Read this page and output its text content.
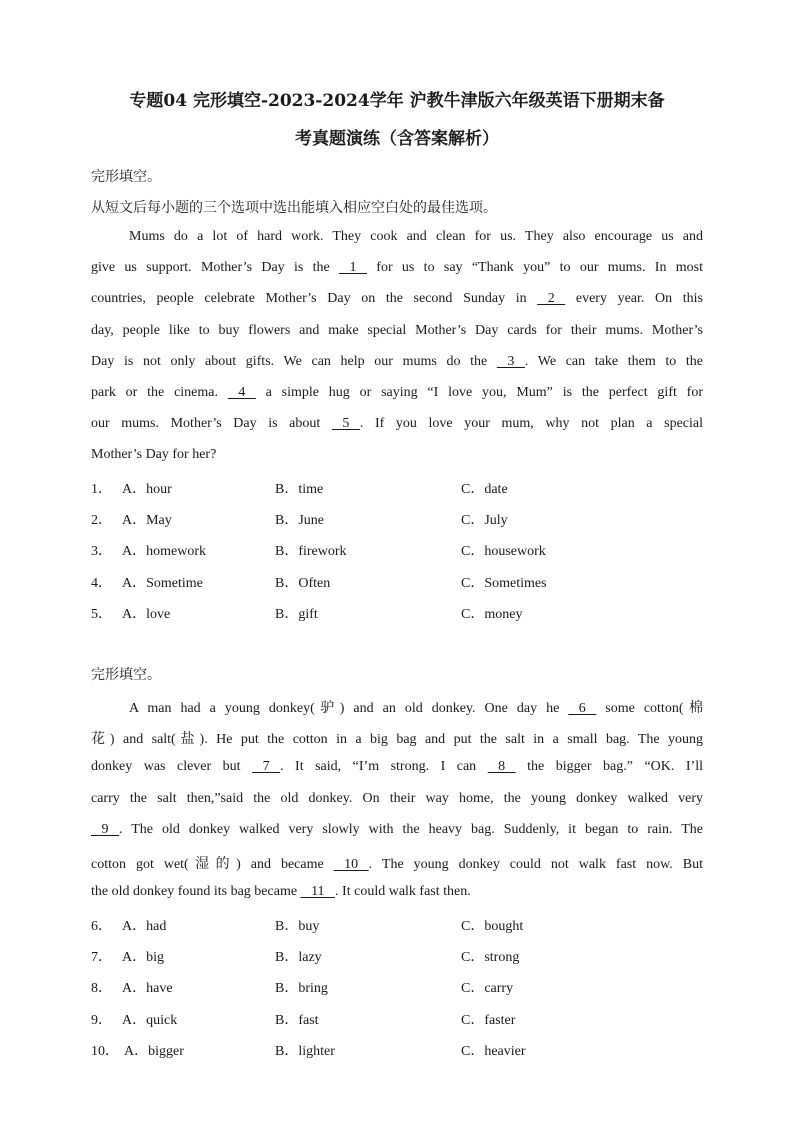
专题04 完形填空-2023-2024学年 沪教牛津版六年级英语下册期末备
考真题演练（含答案解析）
完形填空。
从短文后每小题的三个选项中选出能填入相应空白处的最佳选项。
Mums do a lot of hard work. They cook and clean for us. They also encourage us and
give us support. Mother’s Day is the    1    for us to say “Thank you” to our mums. In most
countries, people celebrate Mother’s Day on the second Sunday in    2    every year. On this
day, people like to buy flowers and make special Mother’s Day cards for their mums. Mother’s
Day is not only about gifts. We can help our mums do the    3   . We can take them to the
park or the cinema.    4    a simple hug or saying “I love you, Mum” is the perfect gift for
our mums. Mother’s Day is about    5   . If you love your mum, why not plan a special
Mother’s Day for her?
1． A．hour	B．time	C．date
2． A．May	B．June	C．July
3． A．homework	B．firework	C．housework
4． A．Sometime	B．Often	C．Sometimes
5． A．love	B．gift	C．money
完形填空。
A man had a young donkey(驴) and an old donkey. One day he    6    some cotton(棉
花) and salt(盐). He put the cotton in a big bag and put the salt in a small bag. The young
donkey was clever but    7   . It said, “I’m strong. I can    8    the bigger bag.” “OK. I’ll
carry the salt then,”said the old donkey. On their way home, the young donkey walked very
9   . The old donkey walked very slowly with the heavy bag. Suddenly, it began to rain. The
cotton got wet(湿的) and became    10   . The young donkey could not walk fast now. But
the old donkey found its bag became    11   . It could walk fast then.
6． A．had	B．buy	C．bought
7． A．big	B．lazy	C．strong
8． A．have	B．bring	C．carry
9． A．quick	B．fast	C．faster
10． A．bigger	B．lighter	C．heavier
